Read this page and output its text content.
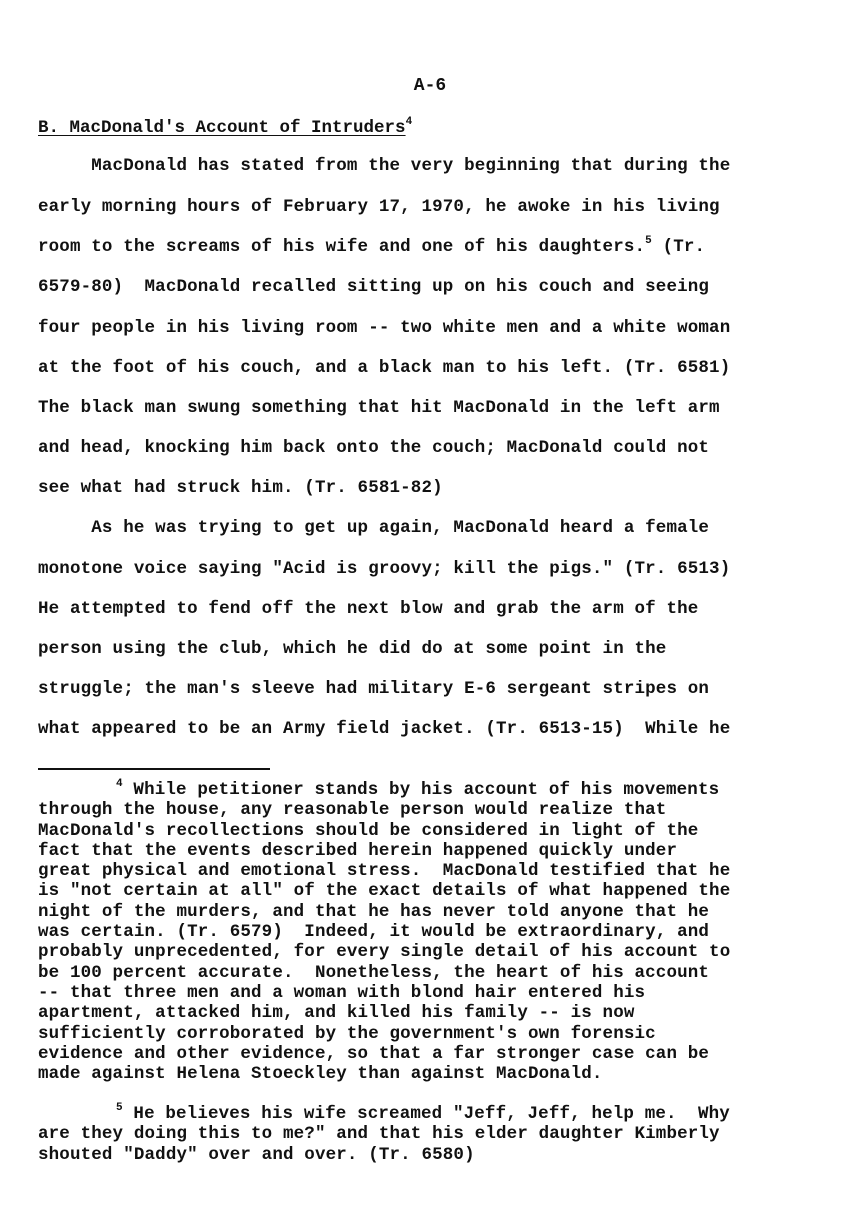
A-6
B. MacDonald's Account of Intruders$^4$
MacDonald has stated from the very beginning that during the
early morning hours of February 17, 1970, he awoke in his living
room to the screams of his wife and one of his daughters.$^5$ (Tr.
6579-80)  MacDonald recalled sitting up on his couch and seeing
four people in his living room -- two white men and a white woman
at the foot of his couch, and a black man to his left. (Tr. 6581)
The black man swung something that hit MacDonald in the left arm
and head, knocking him back onto the couch; MacDonald could not
see what had struck him. (Tr. 6581-82)
As he was trying to get up again, MacDonald heard a female
monotone voice saying "Acid is groovy; kill the pigs." (Tr. 6513)
He attempted to fend off the next blow and grab the arm of the
person using the club, which he did do at some point in the
struggle; the man's sleeve had military E-6 sergeant stripes on
what appeared to be an Army field jacket. (Tr. 6513-15)  While he
$^4$ While petitioner stands by his account of his movements
through the house, any reasonable person would realize that
MacDonald's recollections should be considered in light of the
fact that the events described herein happened quickly under
great physical and emotional stress.  MacDonald testified that he
is "not certain at all" of the exact details of what happened the
night of the murders, and that he has never told anyone that he
was certain. (Tr. 6579)  Indeed, it would be extraordinary, and
probably unprecedented, for every single detail of his account to
be 100 percent accurate.  Nonetheless, the heart of his account
-- that three men and a woman with blond hair entered his
apartment, attacked him, and killed his family -- is now
sufficiently corroborated by the government's own forensic
evidence and other evidence, so that a far stronger case can be
made against Helena Stoeckley than against MacDonald.
$^5$ He believes his wife screamed "Jeff, Jeff, help me.  Why
are they doing this to me?" and that his elder daughter Kimberly
shouted "Daddy" over and over. (Tr. 6580)
